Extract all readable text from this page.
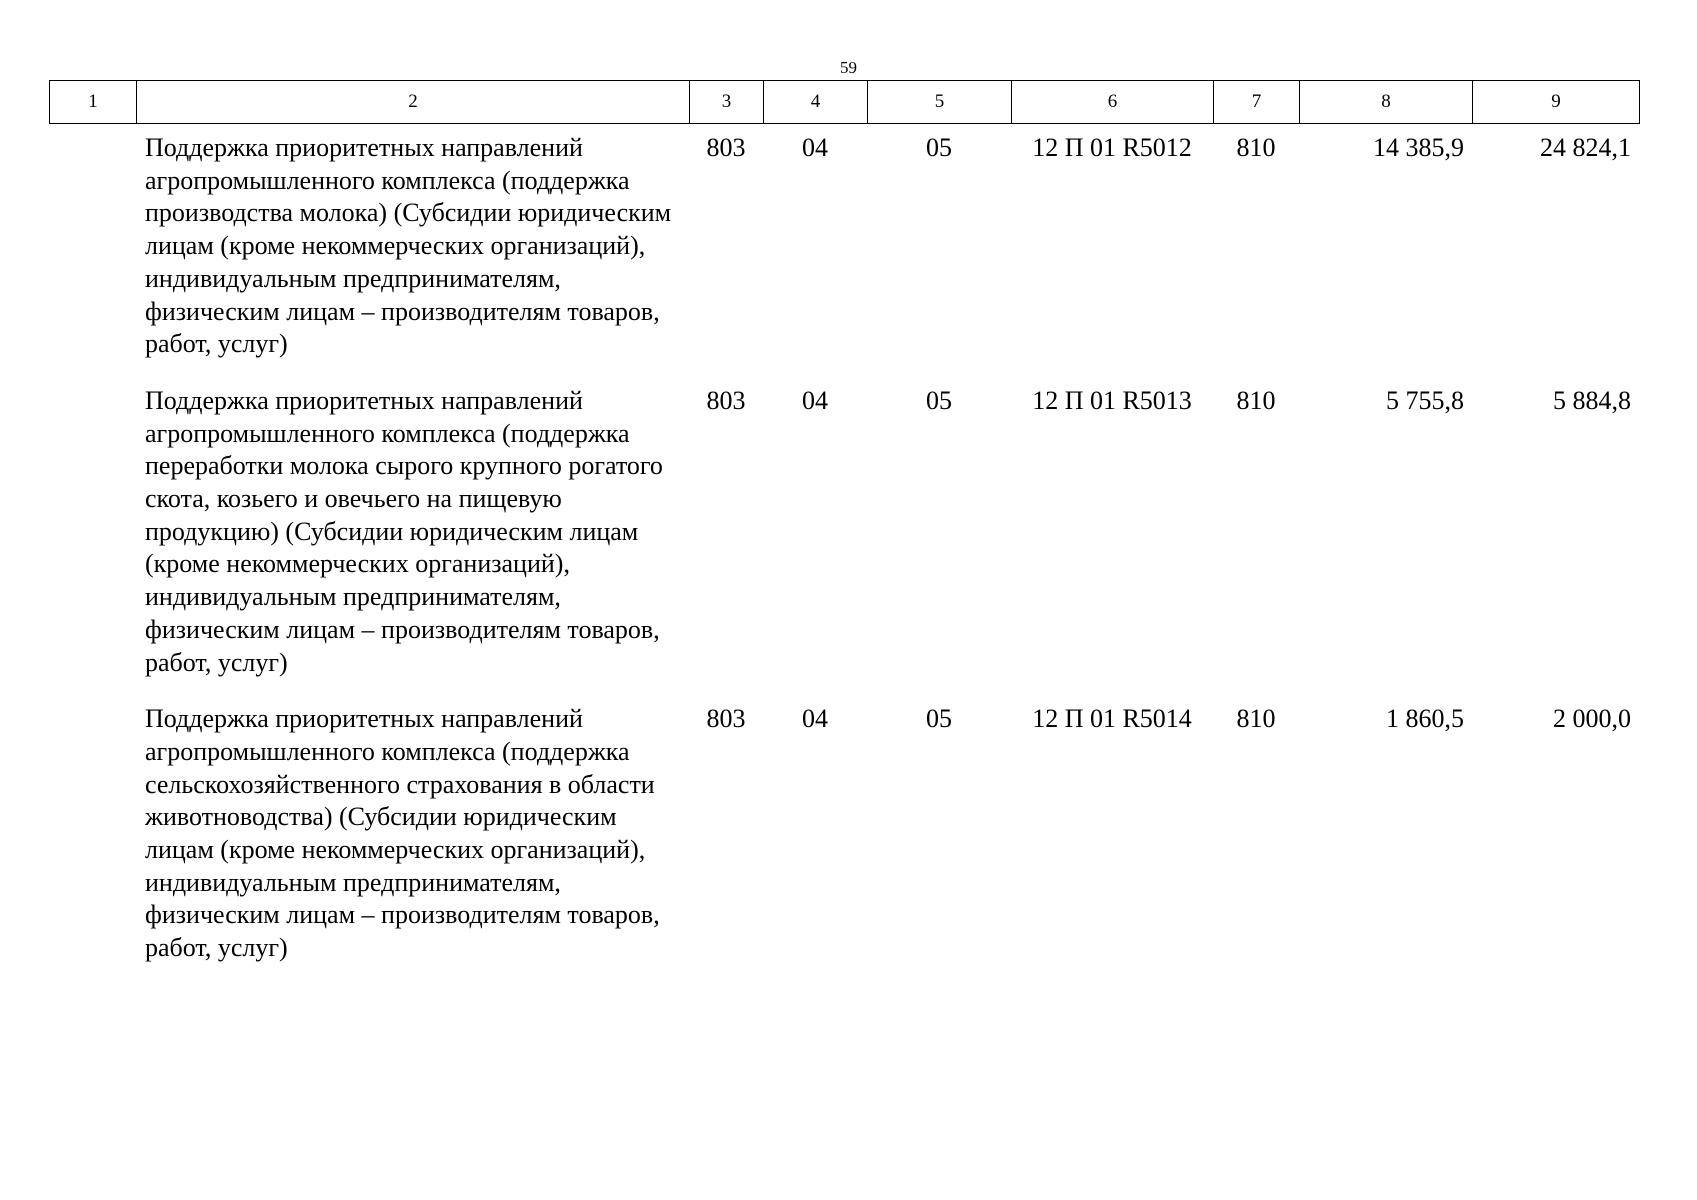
59
1	2	3	4	5	6	7	8	9
	Поддержка приоритетных направлений агропромышленного комплекса (поддержка производства молока) (Субсидии юридическим лицам (кроме некоммерческих организаций), индивидуальным предпринимателям, физическим лицам – производителям товаров, работ, услуг)	803	04	05	12 П 01 R5012	810	14 385,9	24 824,1
	Поддержка приоритетных направлений агропромышленного комплекса (поддержка переработки молока сырого крупного рогатого скота, козьего и овечьего на пищевую продукцию) (Субсидии юридическим лицам (кроме некоммерческих организаций), индивидуальным предпринимателям, физическим лицам – производителям товаров, работ, услуг)	803	04	05	12 П 01 R5013	810	5 755,8	5 884,8
	Поддержка приоритетных направлений агропромышленного комплекса (поддержка сельскохозяйственного страхования в области животноводства) (Субсидии юридическим лицам (кроме некоммерческих организаций), индивидуальным предпринимателям, физическим лицам – производителям товаров, работ, услуг)	803	04	05	12 П 01 R5014	810	1 860,5	2 000,0
